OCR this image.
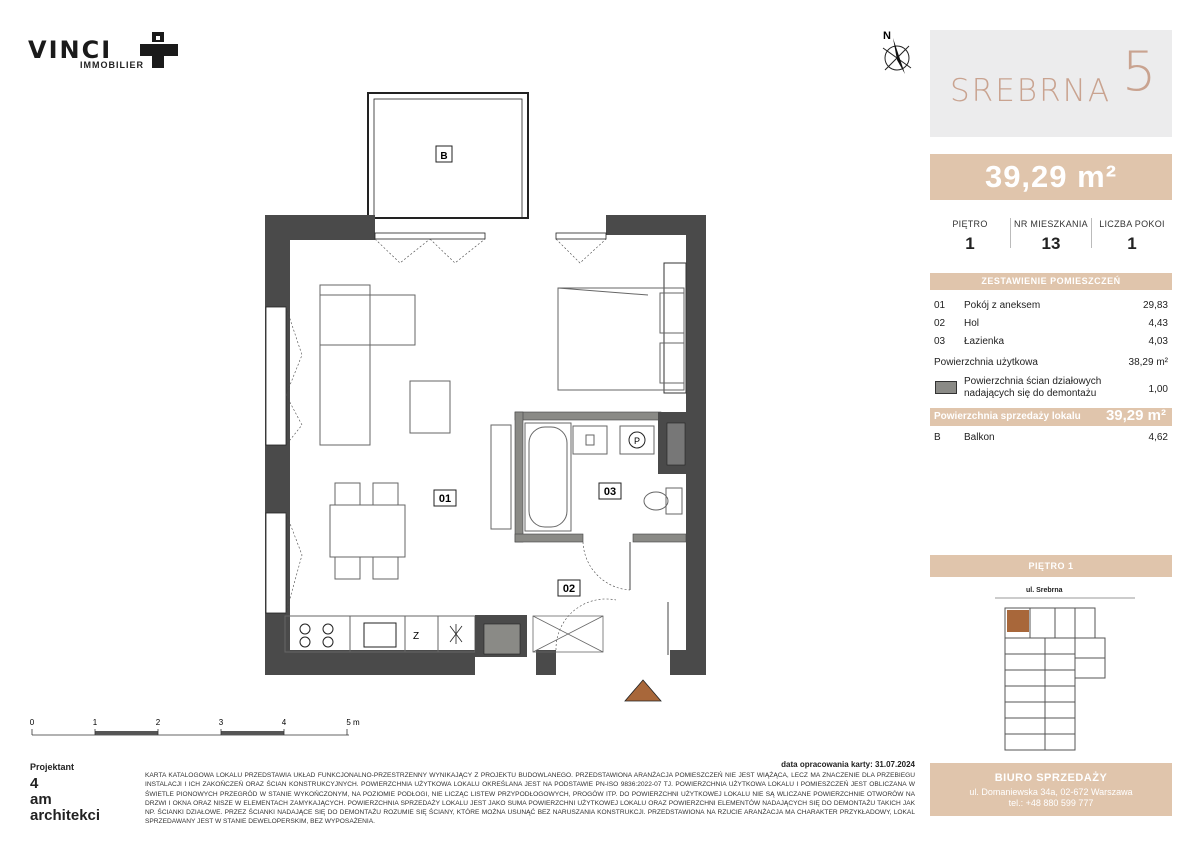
VINCI
IMMOBILIER
N
SREBRNA 5
39,29 m²
PIĘTRO
1
NR MIESZKANIA
13
LICZBA POKOI
1
ZESTAWIENIE POMIESZCZEŃ
01 Pokój z aneksem	29,83
02 Hol	4,43
03 Łazienka	4,03
Powierzchnia użytkowa	38,29 m²
Powierzchnia ścian działowych
nadających się do demontażu	1,00
Powierzchnia sprzedaży lokalu 39,29 m²
B Balkon	4,62
PIĘTRO 1
ul. Srebrna
B
P
Z
01
02
03
0	1	2	3	4	5 m
Projektant
4
am
architekci
data opracowania karty: 31.07.2024
KARTA KATALOGOWA LOKALU PRZEDSTAWIA UKŁAD FUNKCJONALNO-PRZESTRZENNY WYNIKAJĄCY Z PROJEKTU BUDOWLANEGO. PRZEDSTAWIONA ARANŻACJA POMIESZCZEŃ NIE JEST WIĄŻĄCA, LECZ MA ZNACZENIE DLA PRZEBIEGU INSTALACJI I ICH ZAKOŃCZEŃ ORAZ ŚCIAN KONSTRUKCYJNYCH. POWIERZCHNIA UŻYTKOWA LOKALU OKREŚLANA JEST NA PODSTAWIE PN-ISO 9836:2022-07 TJ. POWIERZCHNIA UŻYTKOWA LOKALU I POMIESZCZEŃ JEST OBLICZANA W ŚWIETLE PIONOWYCH PRZEGRÓD W STANIE WYKOŃCZONYM, NA POZIOMIE PODŁOGI, NIE LICZĄC LISTEW PRZYPODŁOGOWYCH, PROGÓW ITP. DO POWIERZCHNI UŻYTKOWEJ LOKALU NIE SĄ WLICZANE POWIERZCHNIE OTWORÓW NA DRZWI I OKNA ORAZ NISZE W ELEMENTACH ZAMYKAJĄCYCH. POWIERZCHNIA SPRZEDAŻY LOKALU JEST JAKO SUMA POWIERZCHNI UŻYTKOWEJ LOKALU ORAZ POWIERZCHNI ELEMENTÓW NADAJĄCYCH SIĘ DO DEMONTAŻU TAKICH JAK NP. ŚCIANKI DZIAŁOWE. PRZEZ ŚCIANKI NADAJĄCE SIĘ DO DEMONTAŻU ROZUMIE SIĘ ŚCIANY, KTÓRE MOŻNA USUNĄĆ BEZ NARUSZANIA KONSTRUKCJI. PRZEDSTAWIONA NA RZUCIE ARANŻACJA MA CHARAKTER PRZYKŁADOWY, LOKAL SPRZEDAWANY JEST W STANIE DEWELOPERSKIM, BEZ WYPOSAŻENIA.
BIURO SPRZEDAŻY
ul. Domaniewska 34a, 02-672 Warszawa
tel.: +48 880 599 777
